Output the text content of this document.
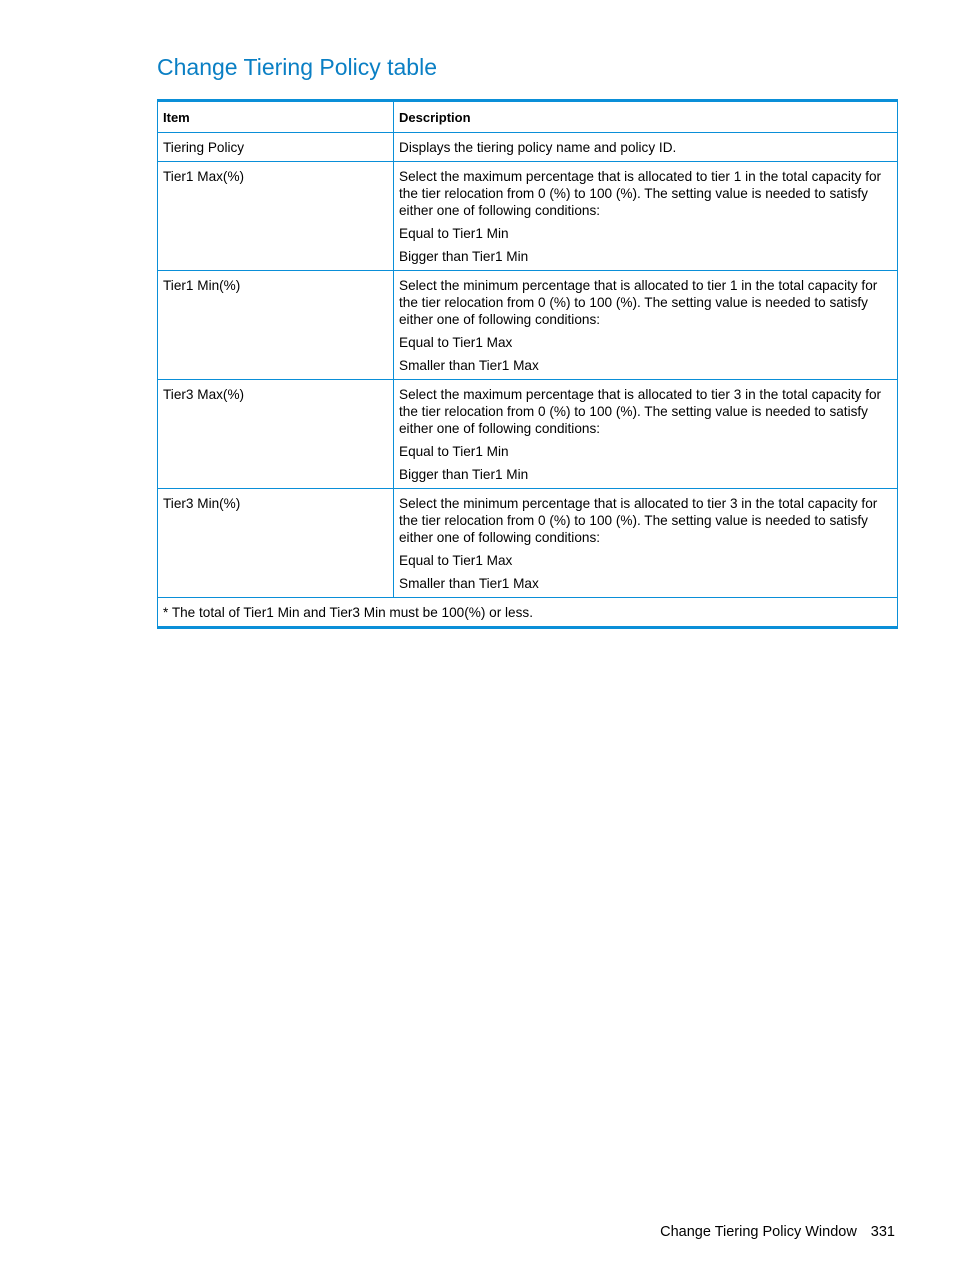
Change Tiering Policy table
Item	Description
Tiering Policy	Displays the tiering policy name and policy ID.

Tier1 Max(%)	Select the maximum percentage that is allocated to tier 1 in the total capacity for the tier relocation from 0 (%) to 100 (%). The setting value is needed to satisfy either one of following conditions:

Equal to Tier1 Min

Bigger than Tier1 Min

Tier1 Min(%)	Select the minimum percentage that is allocated to tier 1 in the total capacity for the tier relocation from 0 (%) to 100 (%). The setting value is needed to satisfy either one of following conditions:

Equal to Tier1 Max

Smaller than Tier1 Max

Tier3 Max(%)	Select the maximum percentage that is allocated to tier 3 in the total capacity for the tier relocation from 0 (%) to 100 (%). The setting value is needed to satisfy either one of following conditions:

Equal to Tier1 Min

Bigger than Tier1 Min

Tier3 Min(%)	Select the minimum percentage that is allocated to tier 3 in the total capacity for the tier relocation from 0 (%) to 100 (%). The setting value is needed to satisfy either one of following conditions:

Equal to Tier1 Max

Smaller than Tier1 Max

* The total of Tier1 Min and Tier3 Min must be 100(%) or less.	
Change Tiering Policy Window 331
